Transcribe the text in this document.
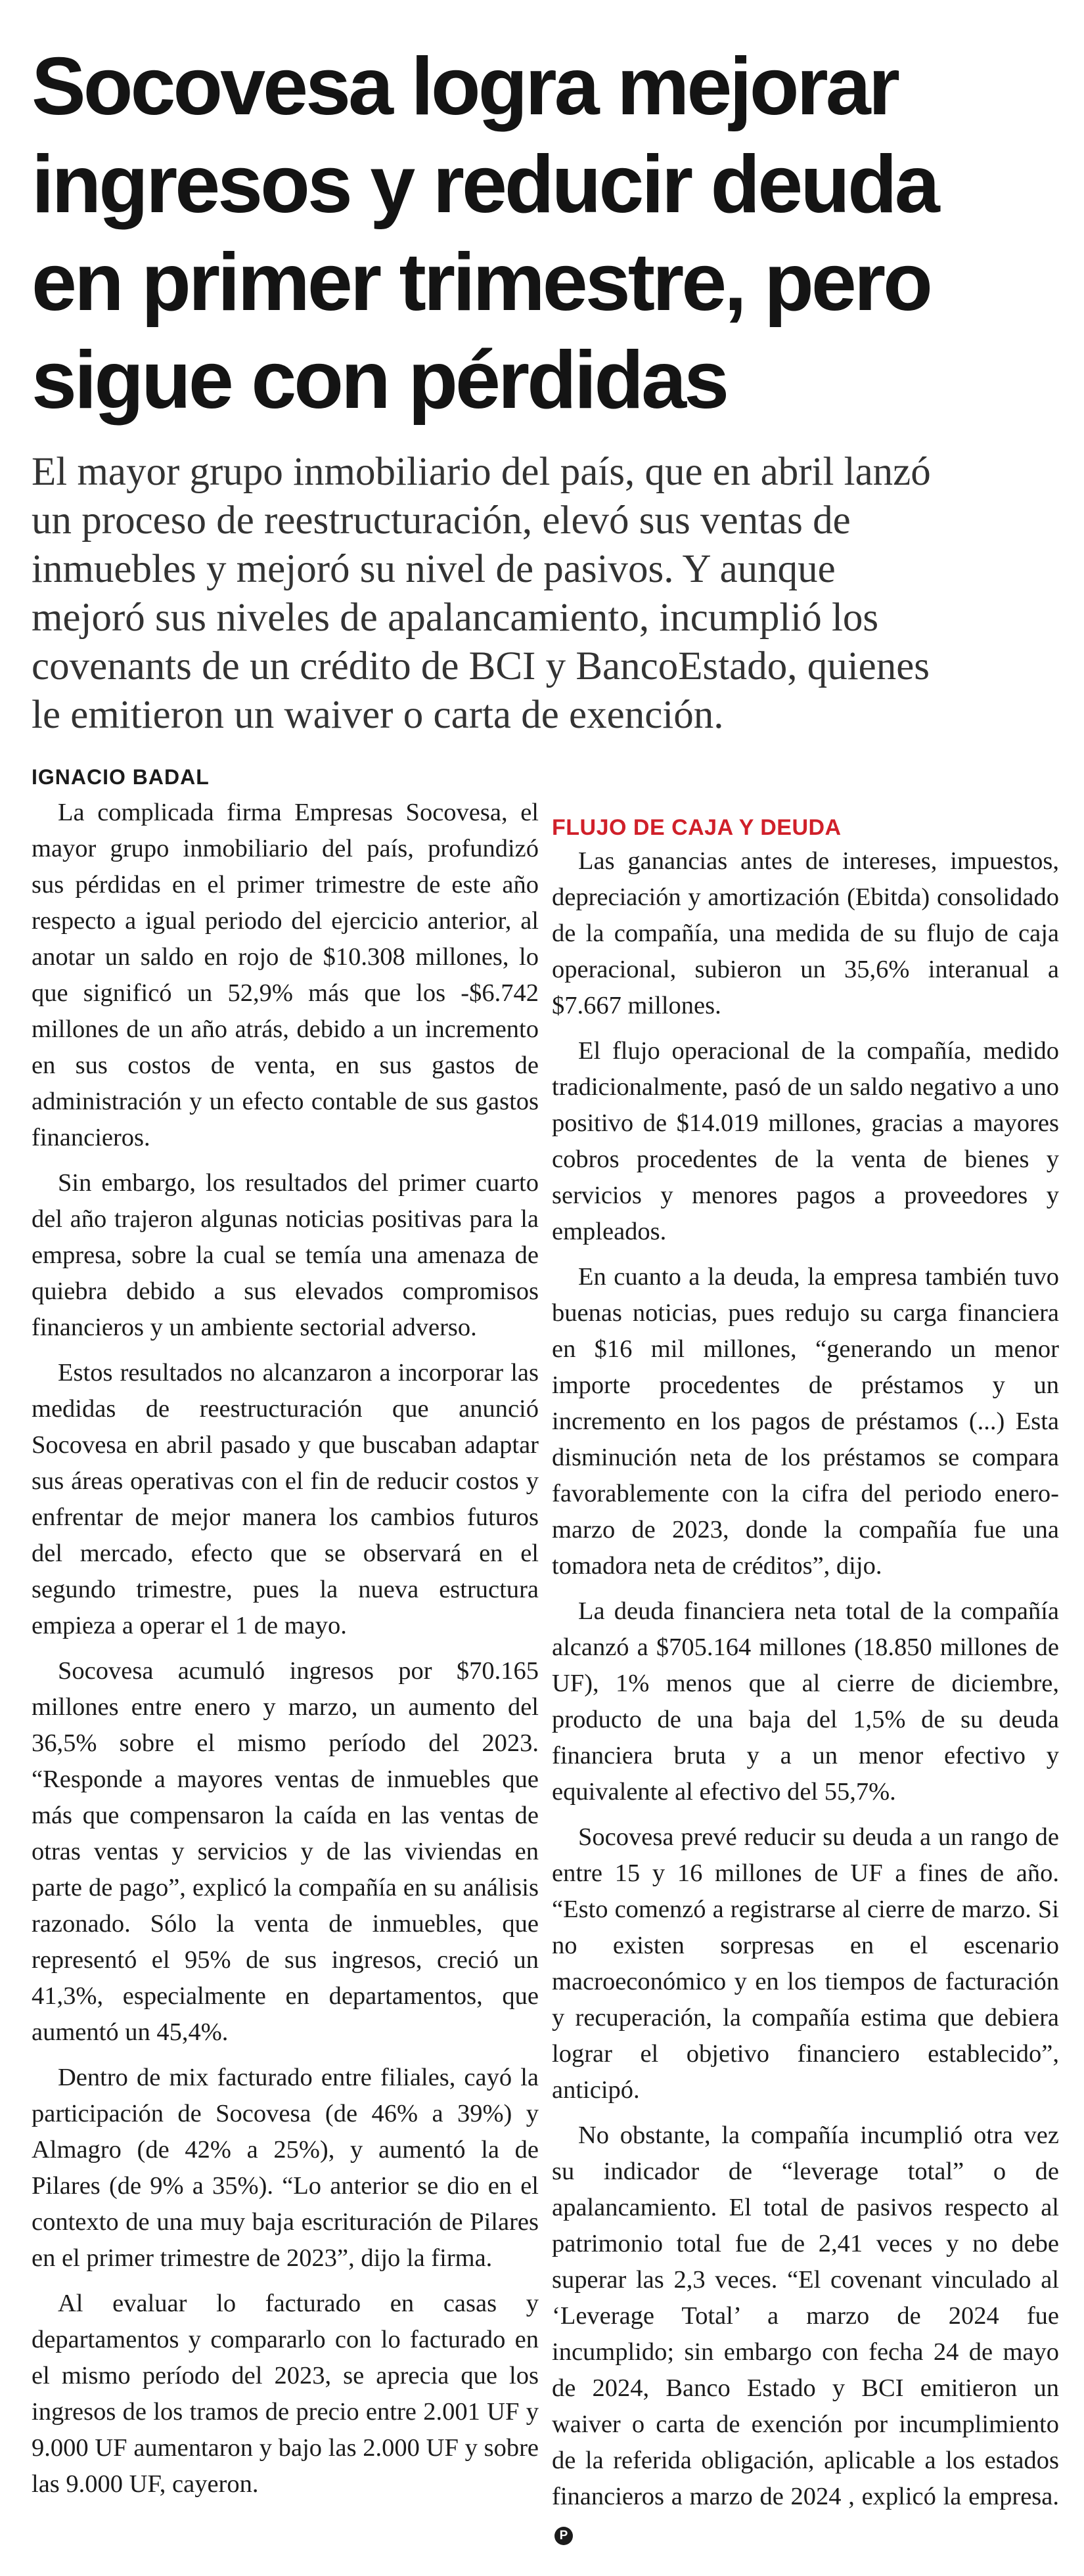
Socovesa logra mejorar
ingresos y reducir deuda
en primer trimestre, pero
sigue con pérdidas
El mayor grupo inmobiliario del país, que en abril lanzó
un proceso de reestructuración, elevó sus ventas de
inmuebles y mejoró su nivel de pasivos. Y aunque
mejoró sus niveles de apalancamiento, incumplió los
covenants de un crédito de BCI y BancoEstado, quienes
le emitieron un waiver o carta de exención.
IGNACIO BADAL

La complicada firma Empresas Socovesa, el mayor grupo inmobiliario del país, profundizó sus pérdidas en el primer trimestre de este año respecto a igual periodo del ejercicio anterior, al anotar un saldo en rojo de $10.308 millones, lo que significó un 52,9% más que los -$6.742 millones de un año atrás, debido a un incremento en sus costos de venta, en sus gastos de administración y un efecto contable de sus gastos financieros.

Sin embargo, los resultados del primer cuarto del año trajeron algunas noticias positivas para la empresa, sobre la cual se temía una amenaza de quiebra debido a sus elevados compromisos financieros y un ambiente sectorial adverso.

Estos resultados no alcanzaron a incorporar las medidas de reestructuración que anunció Socovesa en abril pasado y que buscaban adaptar sus áreas operativas con el fin de reducir costos y enfrentar de mejor manera los cambios futuros del mercado, efecto que se observará en el segundo trimestre, pues la nueva estructura empieza a operar el 1 de mayo.

Socovesa acumuló ingresos por $70.165 millones entre enero y marzo, un aumento del 36,5% sobre el mismo período del 2023. “Responde a mayores ventas de inmuebles que más que compensaron la caída en las ventas de otras ventas y servicios y de las viviendas en parte de pago”, explicó la compañía en su análisis razonado. Sólo la venta de inmuebles, que representó el 95% de sus ingresos, creció un 41,3%, especialmente en departamentos, que aumentó un 45,4%.

Dentro de mix facturado entre filiales, cayó la participación de Socovesa (de 46% a 39%) y Almagro (de 42% a 25%), y aumentó la de Pilares (de 9% a 35%). “Lo anterior se dio en el contexto de una muy baja escrituración de Pilares en el primer trimestre de 2023”, dijo la firma.

Al evaluar lo facturado en casas y departamentos y compararlo con lo facturado en el mismo período del 2023, se aprecia que los ingresos de los tramos de precio entre 2.001 UF y 9.000 UF aumentaron y bajo las 2.000 UF y sobre las 9.000 UF, cayeron.

FLUJO DE CAJA Y DEUDA

Las ganancias antes de intereses, impuestos, depreciación y amortización (Ebitda) consolidado de la compañía, una medida de su flujo de caja operacional, subieron un 35,6% interanual a $7.667 millones.

El flujo operacional de la compañía, medido tradicionalmente, pasó de un saldo negativo a uno positivo de $14.019 millones, gracias a mayores cobros procedentes de la venta de bienes y servicios y menores pagos a proveedores y empleados.

En cuanto a la deuda, la empresa también tuvo buenas noticias, pues redujo su carga financiera en $16 mil millones, “generando un menor importe procedentes de préstamos y un incremento en los pagos de préstamos (...) Esta disminución neta de los préstamos se compara favorablemente con la cifra del periodo enero-marzo de 2023, donde la compañía fue una tomadora neta de créditos”, dijo.

La deuda financiera neta total de la compañía alcanzó a $705.164 millones (18.850 millones de UF), 1% menos que al cierre de diciembre, producto de una baja del 1,5% de su deuda financiera bruta y a un menor efectivo y equivalente al efectivo del 55,7%.

Socovesa prevé reducir su deuda a un rango de entre 15 y 16 millones de UF a fines de año. “Esto comenzó a registrarse al cierre de marzo. Si no existen sorpresas en el escenario macroeconómico y en los tiempos de facturación y recuperación, la compañía estima que debiera lograr el objetivo financiero establecido”, anticipó.

No obstante, la compañía incumplió otra vez su indicador de “leverage total” o de apalancamiento. El total de pasivos respecto al patrimonio total fue de 2,41 veces y no debe superar las 2,3 veces. “El covenant vinculado al ‘Leverage Total’ a marzo de 2024 fue incumplido; sin embargo con fecha 24 de mayo de 2024, Banco Estado y BCI emitieron un waiver o carta de exención por incumplimiento de la referida obligación, aplicable a los estados financieros a marzo de 2024 , explicó la empresa.P
